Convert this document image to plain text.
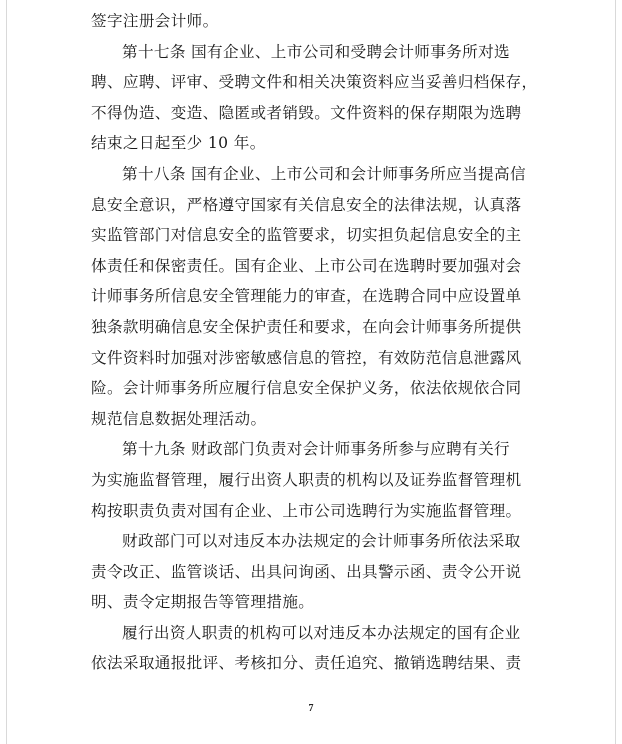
签字注册会计师。
第十七条 国有企业、上市公司和受聘会计师事务所对选
聘、应聘、评审、受聘文件和相关决策资料应当妥善归档保存，
不得伪造、变造、隐匿或者销毁。文件资料的保存期限为选聘
结束之日起至少 10 年。
第十八条 国有企业、上市公司和会计师事务所应当提高信
息安全意识，严格遵守国家有关信息安全的法律法规，认真落
实监管部门对信息安全的监管要求，切实担负起信息安全的主
体责任和保密责任。国有企业、上市公司在选聘时要加强对会
计师事务所信息安全管理能力的审查，在选聘合同中应设置单
独条款明确信息安全保护责任和要求，在向会计师事务所提供
文件资料时加强对涉密敏感信息的管控，有效防范信息泄露风
险。会计师事务所应履行信息安全保护义务，依法依规依合同
规范信息数据处理活动。
第十九条 财政部门负责对会计师事务所参与应聘有关行
为实施监督管理，履行出资人职责的机构以及证券监督管理机
构按职责负责对国有企业、上市公司选聘行为实施监督管理。
财政部门可以对违反本办法规定的会计师事务所依法采取
责令改正、监管谈话、出具问询函、出具警示函、责令公开说
明、责令定期报告等管理措施。
履行出资人职责的机构可以对违反本办法规定的国有企业
依法采取通报批评、考核扣分、责任追究、撤销选聘结果、责
7
